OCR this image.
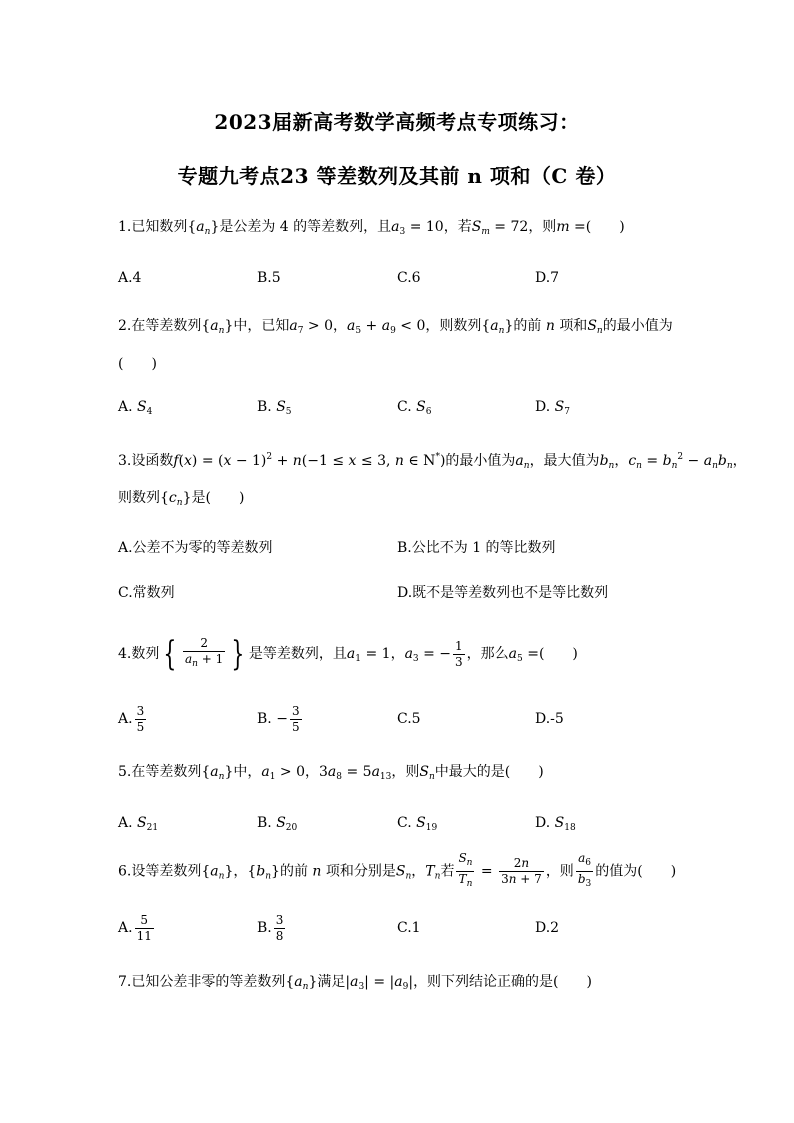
2023届新高考数学高频考点专项练习：
专题九考点23 等差数列及其前 n 项和（C 卷）
1.已知数列$\{a_n\}$是公差为 4 的等差数列，且$a_3 = 10$，若$S_m = 72$，则m =(　　)
A.4	B.5	C.6	D.7
2.在等差数列$\{a_n\}$中，已知$a_7 > 0$，$a_5 + a_9 < 0$，则数列$\{a_n\}$的前 n 项和$S_n$的最小值为
(　　)
A. $S_4$	B. $S_5$	C. $S_6$	D. $S_7$
3.设函数$f(x) = (x - 1)^2 + n(-1 \le x \le 3$, n ∈ N*)的最小值为$a_n$，最大值为$b_n$，$c_n = b_n^2 - a_nb_n$，
则数列$\{c_n\}$是(　　)
A.公差不为零的等差数列	B.公比不为 1 的等比数列
C.常数列	D.既不是等差数列也不是等比数列
4.数列 { $\frac{2}{a_n + 1}$ } 是等差数列，且$a_1 = 1$，$a_3$ = − $\frac{1}{3}$ ，那么$a_5$ =(　　)
A. $\frac{3}{5}$	B. − $\frac{3}{5}$	C.5	D.-5
5.在等差数列$\{a_n\}$中，$a_1 > 0$，$3a_8 = 5a_{13}$，则$S_n$中最大的是(　　)
A. $S_{21}$	B. $S_{20}$	C. $S_{19}$	D. $S_{18}$
6.设等差数列$\{a_n\}$，$\{b_n\}$的前 n 项和分别是$S_n$，$T_n$若 $\frac{S_n}{T_n} = \frac{2n}{3n + 7}$ ，则 $\frac{a_6}{b_3}$ 的值为(　　)
A. $\frac{5}{11}$	B. $\frac{3}{8}$	C.1	D.2
7.已知公差非零的等差数列$\{a_n\}$满足$|a_3| = |a_9|$，则下列结论正确的是(　　)
